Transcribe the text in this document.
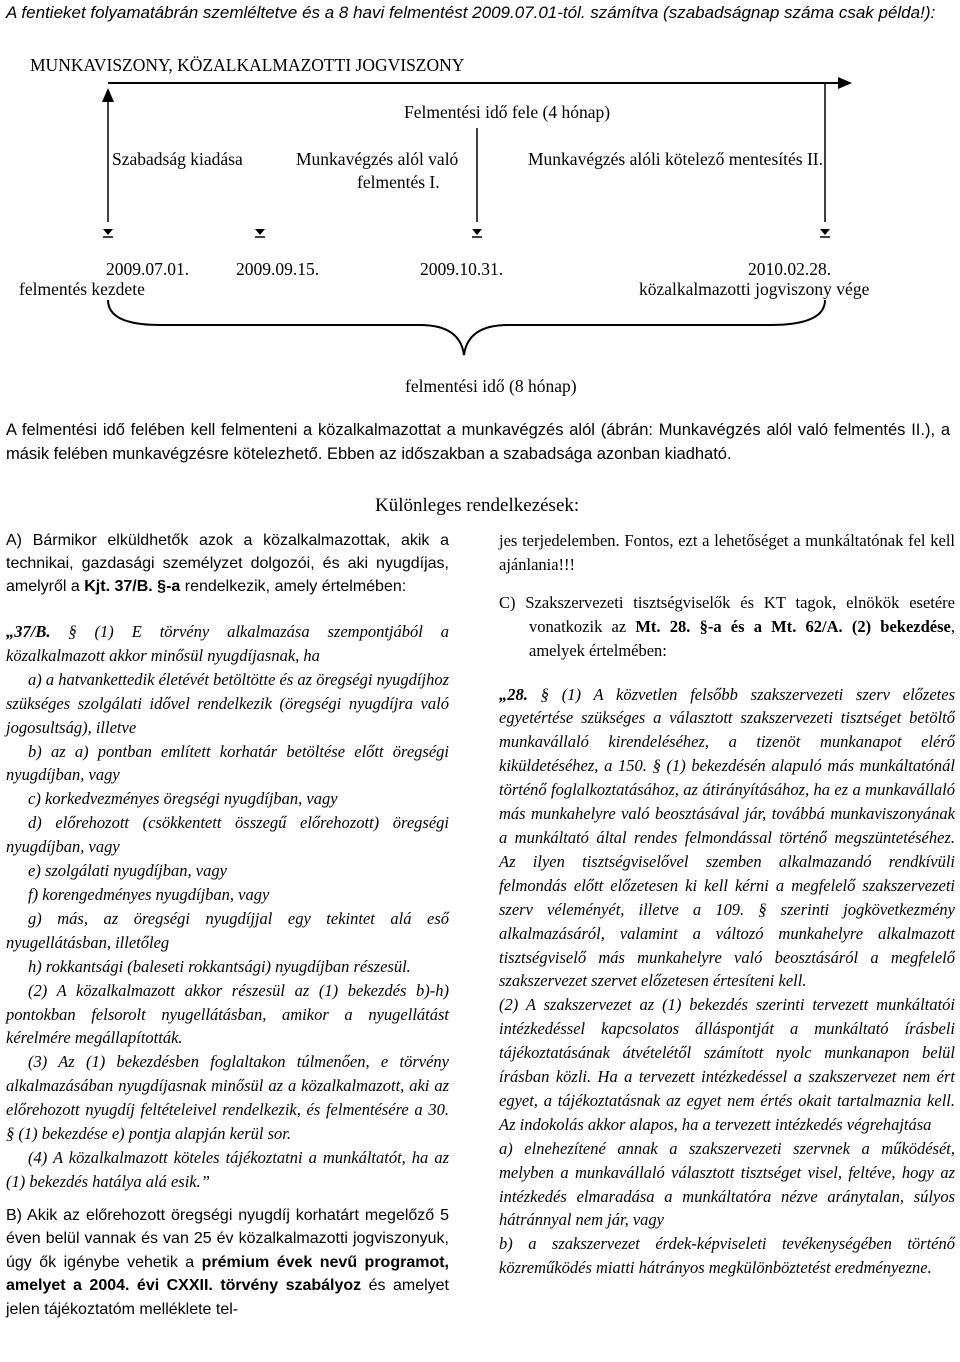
A fentieket folyamatábrán szemléltetve és a 8 havi felmentést 2009.07.01-tól. számítva (szabadságnap száma csak példa!):
MUNKAVISZONY, KÖZALKALMAZOTTI JOGVISZONY
Felmentési idő fele (4 hónap)
Szabadság kiadása	Munkavégzés alól való
felmentés I.
Munkavégzés alóli kötelező mentesítés II.
2009.07.01.
felmentés kezdete
2009.09.15.	2009.10.31.	2010.02.28.
közalkalmazotti jogviszony vége
felmentési idő (8 hónap)
A felmentési idő felében kell felmenteni a közalkalmazottat a munkavégzés alól (ábrán: Munkavégzés alól való felmentés II.), a másik felében munkavégzésre kötelezhető. Ebben az időszakban a szabadsága azonban kiadható.
Különleges rendelkezések:

A) Bármikor elküldhetők azok a közalkalmazottak, akik a technikai, gazdasági személyzet dolgozói, és aki nyugdíjas, amelyről a Kjt. 37/B. §-a rendelkezik, amely értelmében:

„37/B. § (1) E törvény alkalmazása szempontjából a közalkalmazott akkor minősül nyugdíjasnak, ha

a) a hatvankettedik életévét betöltötte és az öregségi nyugdíjhoz szükséges szolgálati idővel rendelkezik (öregségi nyugdíjra való jogosultság), illetve

b) az a) pontban említett korhatár betöltése előtt öregségi nyugdíjban, vagy

c) korkedvezményes öregségi nyugdíjban, vagy

d) előrehozott (csökkentett összegű előrehozott) öregségi nyugdíjban, vagy

e) szolgálati nyugdíjban, vagy

f) korengedményes nyugdíjban, vagy

g) más, az öregségi nyugdíjjal egy tekintet alá eső nyugellátásban, illetőleg

h) rokkantsági (baleseti rokkantsági) nyugdíjban részesül.

(2) A közalkalmazott akkor részesül az (1) bekezdés b)-h) pontokban felsorolt nyugellátásban, amikor a nyugellátást kérelmére megállapították.

(3) Az (1) bekezdésben foglaltakon túlmenően, e törvény alkalmazásában nyugdíjasnak minősül az a közalkalmazott, aki az előrehozott nyugdíj feltételeivel rendelkezik, és felmentésére a 30. § (1) bekezdése e) pontja alapján kerül sor.

(4) A közalkalmazott köteles tájékoztatni a munkáltatót, ha az (1) bekezdés hatálya alá esik.”

B) Akik az előrehozott öregségi nyugdíj korhatárt megelőző 5 éven belül vannak és van 25 év közalkalmazotti jogviszonyuk, úgy ők igénybe vehetik a prémium évek nevű programot, amelyet a 2004. évi CXXII. törvény szabályoz és amelyet jelen tájékoztatóm melléklete tel-

jes terjedelemben. Fontos, ezt a lehetőséget a munkáltatónak fel kell ajánlania!!!

C) Szakszervezeti tisztségviselők és KT tagok, elnökök esetére vonatkozik az Mt. 28. §-a és a Mt. 62/A. (2) bekezdése, amelyek értelmében:

„28. § (1) A közvetlen felsőbb szakszervezeti szerv előzetes egyetértése szükséges a választott szakszervezeti tisztséget betöltő munkavállaló kirendeléséhez, a tizenöt munkanapot elérő kiküldetéséhez, a 150. § (1) bekezdésén alapuló más munkáltatónál történő foglalkoztatásához, az átirányításához, ha ez a munkavállaló más munkahelyre való beosztásával jár, továbbá munkaviszonyának a munkáltató által rendes felmondással történő megszüntetéséhez. Az ilyen tisztségviselővel szemben alkalmazandó rendkívüli felmondás előtt előzetesen ki kell kérni a megfelelő szakszervezeti szerv véleményét, illetve a 109. § szerinti jogkövetkezmény alkalmazásáról, valamint a változó munkahelyre alkalmazott tisztségviselő más munkahelyre való beosztásáról a megfelelő szakszervezet szervet előzetesen értesíteni kell.

(2) A szakszervezet az (1) bekezdés szerinti tervezett munkáltatói intézkedéssel kapcsolatos álláspontját a munkáltató írásbeli tájékoztatásának átvételétől számított nyolc munkanapon belül írásban közli. Ha a tervezett intézkedéssel a szakszervezet nem ért egyet, a tájékoztatásnak az egyet nem értés okait tartalmaznia kell. Az indokolás akkor alapos, ha a tervezett intézkedés végrehajtása

a) elnehezítené annak a szakszervezeti szervnek a működését, melyben a munkavállaló választott tisztséget visel, feltéve, hogy az intézkedés elmaradása a munkáltatóra nézve aránytalan, súlyos hátránnyal nem jár, vagy

b) a szakszervezet érdek-képviseleti tevékenységében történő közreműködés miatti hátrányos megkülönböztetést eredményezne.
